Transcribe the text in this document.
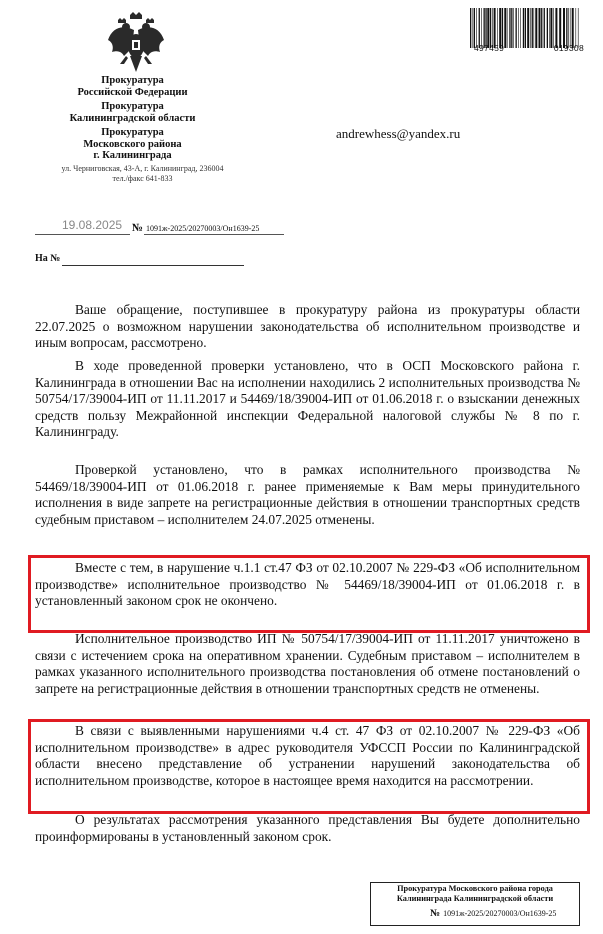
Прокуратура
Российской Федерации
Прокуратура
Калининградской области
Прокуратура
Московского района
г. Калининграда
ул. Черниговская, 43-А, г. Калининград, 236004
тел./факс 641-833
497459	019308
andrewhess@yandex.ru
19.08.2025 № 1091ж-2025/20270003/Он1639-25
На №
Ваше обращение, поступившее в прокуратуру района из прокуратуры области 22.07.2025 о возможном нарушении законодательства об исполнительном производстве и иным вопросам, рассмотрено.
В ходе проведенной проверки установлено, что в ОСП Московского района г. Калининграда в отношении Вас на исполнении находились 2 исполнительных производства № 50754/17/39004-ИП от 11.11.2017 и 54469/18/39004-ИП от 01.06.2018 г. о взыскании денежных средств пользу Межрайонной инспекции Федеральной налоговой службы № 8 по г. Калининграду.
Проверкой установлено, что в рамках исполнительного производства № 54469/18/39004-ИП от 01.06.2018 г. ранее применяемые к Вам меры принудительного исполнения в виде запрете на регистрационные действия в отношении транспортных средств судебным приставом – исполнителем 24.07.2025 отменены.
Вместе с тем, в нарушение ч.1.1 ст.47 ФЗ от 02.10.2007 № 229-ФЗ «Об исполнительном производстве» исполнительное производство № 54469/18/39004-ИП от 01.06.2018 г. в установленный законом срок не окончено.
Исполнительное производство ИП № 50754/17/39004-ИП от 11.11.2017 уничтожено в связи с истечением срока на оперативном хранении. Судебным приставом – исполнителем в рамках указанного исполнительного производства постановления об отмене постановлений о запрете на регистрационные действия в отношении транспортных средств не отменены.
В связи с выявленными нарушениями ч.4 ст. 47 ФЗ от 02.10.2007 № 229-ФЗ «Об исполнительном производстве» в адрес руководителя УФССП России по Калининградской области внесено представление об устранении нарушений законодательства об исполнительном производстве, которое в настоящее время находится на рассмотрении.
О результатах рассмотрения указанного представления Вы будете дополнительно проинформированы в установленный законом срок.
Прокуратура Московского района города Калининграда Калининградской области
№ 1091ж-2025/20270003/Он1639-25
